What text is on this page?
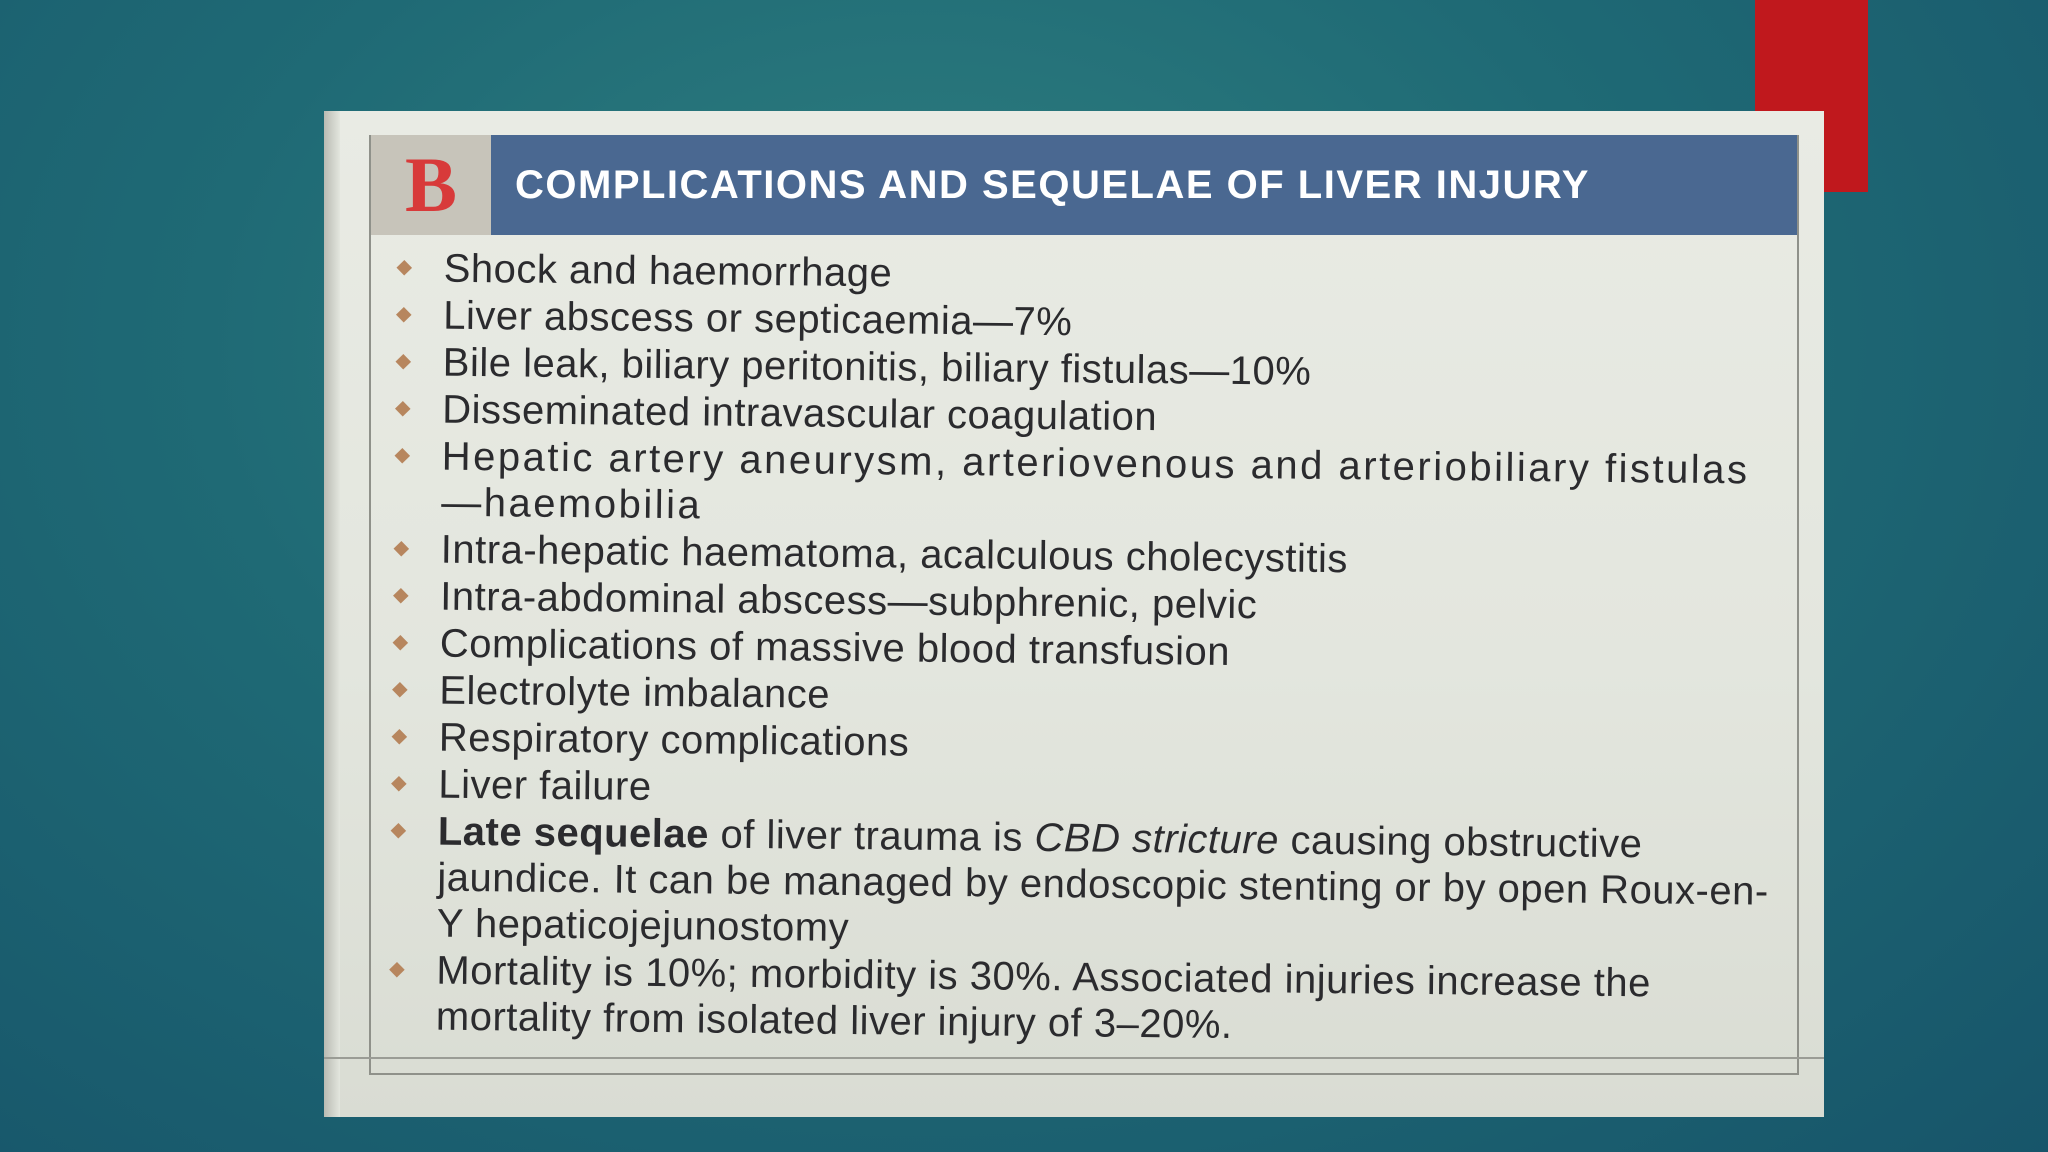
B COMPLICATIONS AND SEQUELAE OF LIVER INJURY
Shock and haemorrhage
Liver abscess or septicaemia—7%
Bile leak, biliary peritonitis, biliary fistulas—10%
Disseminated intravascular coagulation
Hepatic artery aneurysm, arteriovenous and arteriobiliary fistulas—haemobilia
Intra-hepatic haematoma, acalculous cholecystitis
Intra-abdominal abscess—subphrenic, pelvic
Complications of massive blood transfusion
Electrolyte imbalance
Respiratory complications
Liver failure
Late sequelae of liver trauma is CBD stricture causing obstructive jaundice. It can be managed by endoscopic stenting or by open Roux-en-Y hepaticojejunostomy
Mortality is 10%; morbidity is 30%. Associated injuries increase the mortality from isolated liver injury of 3–20%.
